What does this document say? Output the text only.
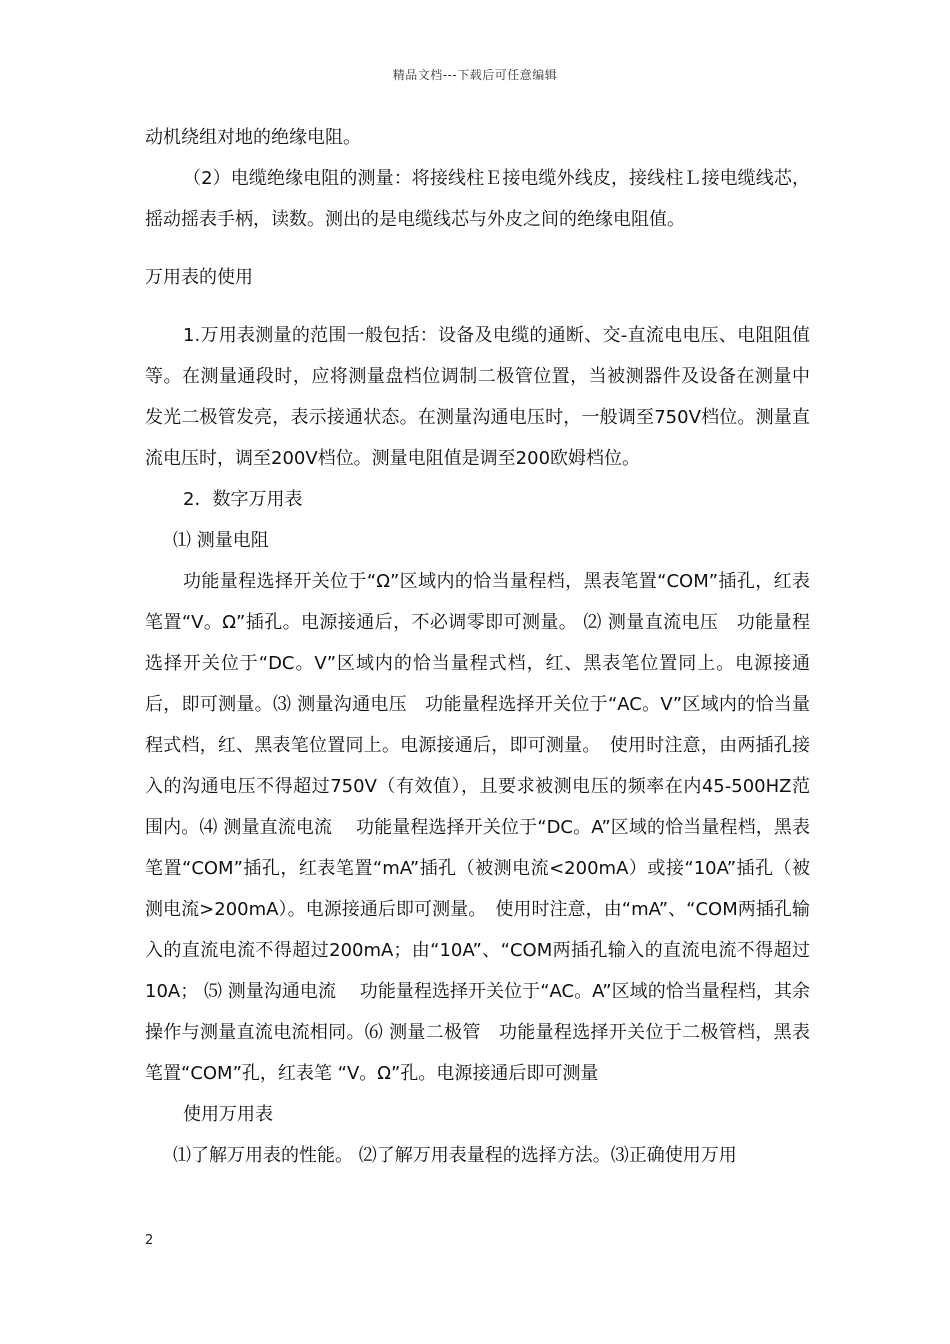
精品文档---下载后可任意编辑

动机绕组对地的绝缘电阻。

（2）电缆绝缘电阻的测量：将接线柱Ｅ接电缆外线皮，接线柱Ｌ接电缆线芯，摇动摇表手柄，读数。测出的是电缆线芯与外皮之间的绝缘电阻值。

万用表的使用

1.万用表测量的范围一般包括：设备及电缆的通断、交-直流电电压、电阻阻值等。在测量通段时，应将测量盘档位调制二极管位置，当被测器件及设备在测量中发光二极管发亮，表示接通状态。在测量沟通电压时，一般调至750V档位。测量直流电压时，调至200V档位。测量电阻值是调至200欧姆档位。

2．数字万用表

⑴ 测量电阻

功能量程选择开关位于“Ω”区域内的恰当量程档，黑表笔置“COM”插孔，红表笔置“V。Ω”插孔。电源接通后，不必调零即可测量。 ⑵ 测量直流电压　功能量程选择开关位于“DC。V”区域内的恰当量程式档，红、黑表笔位置同上。电源接通后，即可测量。⑶ 测量沟通电压　功能量程选择开关位于“AC。V”区域内的恰当量程式档，红、黑表笔位置同上。电源接通后，即可测量。　使用时注意，由两插孔接入的沟通电压不得超过750V（有效值），且要求被测电压的频率在内45-500HZ范围内。⑷ 测量直流电流　 功能量程选择开关位于“DC。A”区域的恰当量程档，黑表笔置“COM”插孔，红表笔置“mA”插孔（被测电流<200mA）或接“10A”插孔（被测电流>200mA）。电源接通后即可测量。　使用时注意，由“mA”、“COM两插孔输入的直流电流不得超过200mA；由“10A”、“COM两插孔输入的直流电流不得超过10A； ⑸ 测量沟通电流　 功能量程选择开关位于“AC。A”区域的恰当量程档，其余操作与测量直流电流相同。⑹ 测量二极管　功能量程选择开关位于二极管档，黑表笔置“COM”孔，红表笔 “V。Ω”孔。电源接通后即可测量

使用万用表

⑴了解万用表的性能。 ⑵了解万用表量程的选择方法。⑶正确使用万用

2
